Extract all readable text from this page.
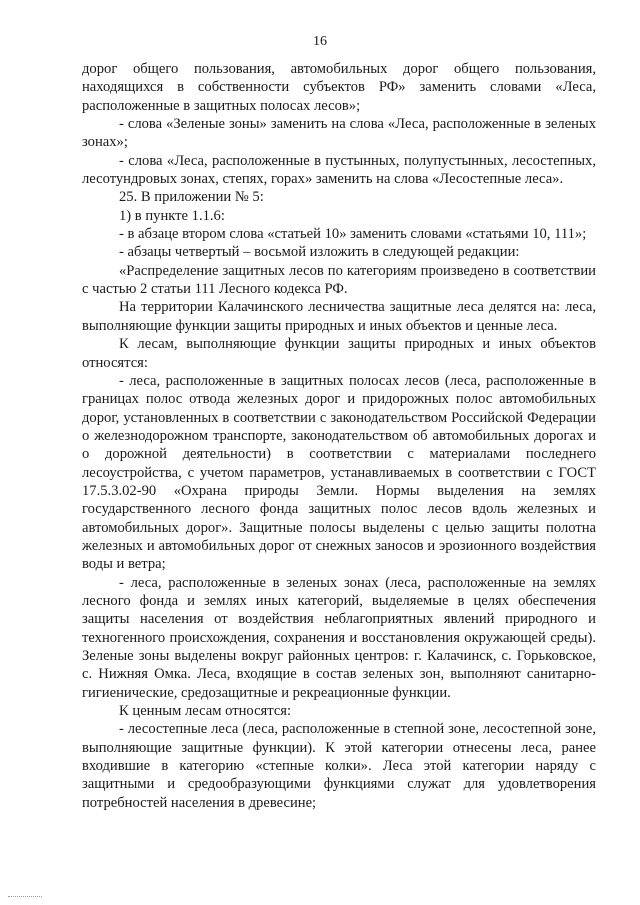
16

дорог общего пользования, автомобильных дорог общего пользования, находящихся в собственности субъектов РФ» заменить словами «Леса, расположенные в защитных полосах лесов»;

- слова «Зеленые зоны» заменить на слова «Леса, расположенные в зеленых зонах»;

- слова «Леса, расположенные в пустынных, полупустынных, лесостепных, лесотундровых зонах, степях, горах» заменить на слова «Лесостепные леса».

25. В приложении № 5:

1) в пункте 1.1.6:

- в абзаце втором слова «статьей 10» заменить словами «статьями 10, 111»;

- абзацы четвертый – восьмой изложить в следующей редакции:

«Распределение защитных лесов по категориям произведено в соответствии с частью 2 статьи 111 Лесного кодекса РФ.

На территории Калачинского лесничества защитные леса делятся на: леса, выполняющие функции защиты природных и иных объектов и ценные леса.

К лесам, выполняющие функции защиты природных и иных объектов относятся:

- леса, расположенные в защитных полосах лесов (леса, расположенные в границах полос отвода железных дорог и придорожных полос автомобильных дорог, установленных в соответствии с законодательством Российской Федерации о железнодорожном транспорте, законодательством об автомобильных дорогах и о дорожной деятельности) в соответствии с материалами последнего лесоустройства, с учетом параметров, устанавливаемых в соответствии с ГОСТ 17.5.3.02-90 «Охрана природы Земли. Нормы выделения на землях государственного лесного фонда защитных полос лесов вдоль железных и автомобильных дорог». Защитные полосы выделены с целью защиты полотна железных и автомобильных дорог от снежных заносов и эрозионного воздействия воды и ветра;

- леса, расположенные в зеленых зонах (леса, расположенные на землях лесного фонда и землях иных категорий, выделяемые в целях обеспечения защиты населения от воздействия неблагоприятных явлений природного и техногенного происхождения, сохранения и восстановления окружающей среды). Зеленые зоны выделены вокруг районных центров: г. Калачинск, с. Горьковское, с. Нижняя Омка. Леса, входящие в состав зеленых зон, выполняют санитарно-гигиенические, средозащитные и рекреационные функции.

К ценным лесам относятся:

- лесостепные леса (леса, расположенные в степной зоне, лесостепной зоне, выполняющие защитные функции). К этой категории отнесены леса, ранее входившие в категорию «степные колки». Леса этой категории наряду с защитными и средообразующими функциями служат для удовлетворения потребностей населения в древесине;
